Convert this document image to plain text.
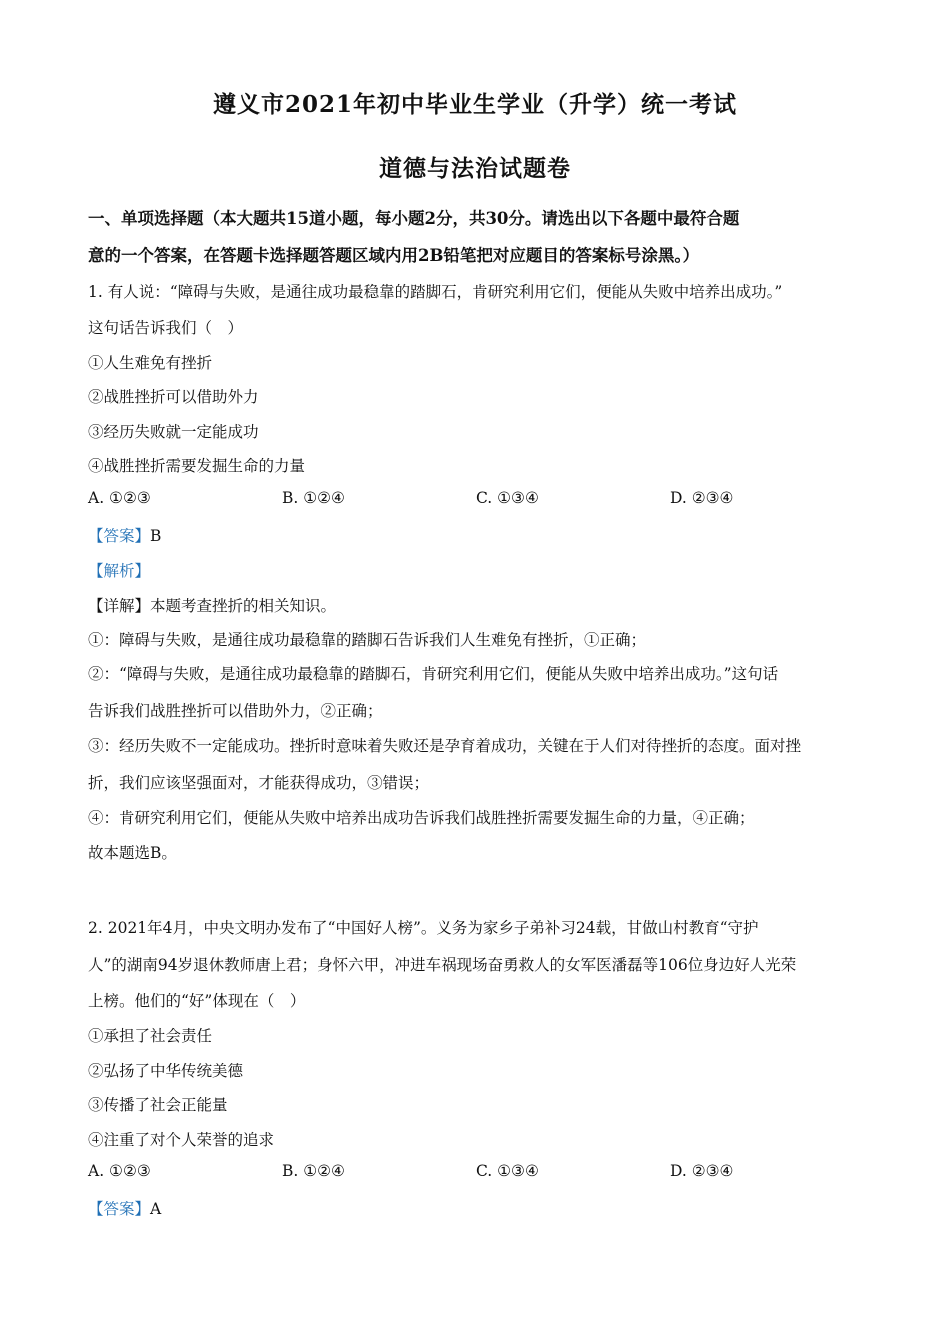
遵义市2021年初中毕业生学业（升学）统一考试
道德与法治试题卷
一、单项选择题（本大题共15道小题，每小题2分，共30分。请选出以下各题中最符合题
意的一个答案，在答题卡选择题答题区域内用2B铅笔把对应题目的答案标号涂黑。）
1. 有人说：“障碍与失败，是通往成功最稳靠的踏脚石，肯研究利用它们，便能从失败中培养出成功。”
这句话告诉我们（　）
①人生难免有挫折
②战胜挫折可以借助外力
③经历失败就一定能成功
④战胜挫折需要发掘生命的力量
A. ①②③	B. ①②④	C. ①③④	D. ②③④
【答案】B
【解析】
【详解】本题考查挫折的相关知识。
①：障碍与失败，是通往成功最稳靠的踏脚石告诉我们人生难免有挫折，①正确；
②：“障碍与失败，是通往成功最稳靠的踏脚石，肯研究利用它们，便能从失败中培养出成功。”这句话
告诉我们战胜挫折可以借助外力，②正确；
③：经历失败不一定能成功。挫折时意味着失败还是孕育着成功，关键在于人们对待挫折的态度。面对挫
折，我们应该坚强面对，才能获得成功，③错误；
④：肯研究利用它们，便能从失败中培养出成功告诉我们战胜挫折需要发掘生命的力量，④正确；
故本题选B。
2. 2021年4月，中央文明办发布了“中国好人榜”。义务为家乡子弟补习24载，甘做山村教育“守护
人”的湖南94岁退休教师唐上君；身怀六甲，冲进车祸现场奋勇救人的女军医潘磊等106位身边好人光荣
上榜。他们的“好”体现在（　）
①承担了社会责任
②弘扬了中华传统美德
③传播了社会正能量
④注重了对个人荣誉的追求
A. ①②③	B. ①②④	C. ①③④	D. ②③④
【答案】A
